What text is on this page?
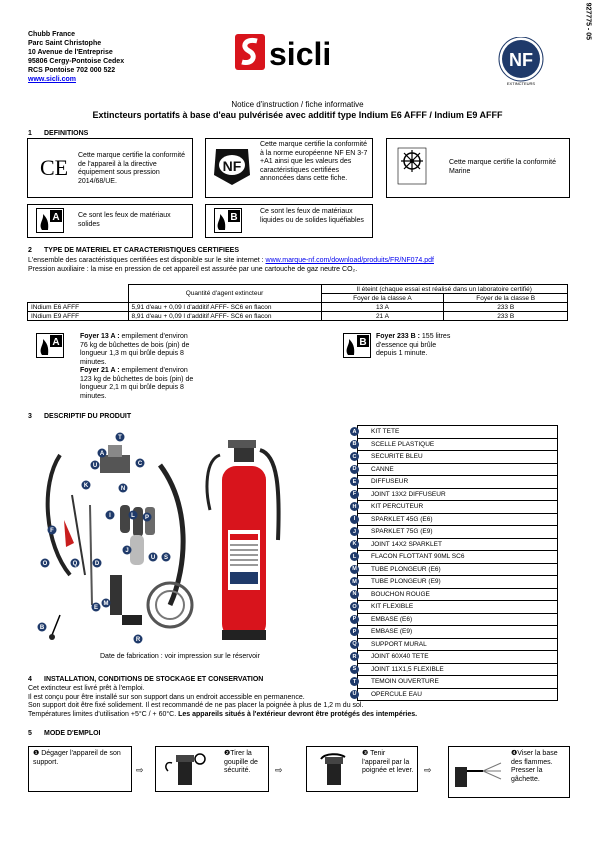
Chubb France
Parc Saint Christophe
10 Avenue de l'Entreprise
95806 Cergy-Pontoise Cedex
RCS Pontoise 702 000 522
www.sicli.com
sicli	NF
EXTINCTEURS
927775 - 05
Notice d'instruction / fiche informative
Extincteurs portatifs à base d'eau pulvérisée avec additif type Indium E6 AFFF / Indium E9 AFFF
1 DEFINITIONS
CE Cette marque certifie la conformité de l'appareil à la directive équipement sous pression 2014/68/UE.
NF
Cette marque certifie la conformité à la norme européenne NF EN 3-7 +A1 ainsi que les valeurs des caractéristiques certifiées annoncées dans cette fiche.
Cette marque certifie la conformité Marine
A	Ce sont les feux de matériaux solides
B
Ce sont les feux de matériaux liquides ou de solides liquéfiables
2 TYPE DE MATERIEL ET CARACTERISTIQUES CERTIFIEES
L'ensemble des caractéristiques certifiées est disponible sur le site internet : www.marque-nf.com/download/produits/FR/NF074.pdf
Pression auxiliaire : la mise en pression de cet appareil est assurée par une cartouche de gaz neutre CO₂.
	Quantité d'agent extincteur	Il éteint (chaque essai est réalisé dans un laboratoire certifié)	
		Foyer de la classe A	Foyer de la classe B
INdium E6 AFFF	5,91 d'eau + 0,09 l d'additif AFFF- SC6 en flacon	13 A	233 B
INdium E9 AFFF	8,91 d'eau + 0,09 l d'additif AFFF- SC6 en flacon	21 A	233 B
A
Foyer 13 A : empilement d'environ 76 kg de bûchettes de bois (pin) de longueur 1,3 m qui brûle depuis 8 minutes.
Foyer 21 A : empilement d'environ 123 kg de bûchettes de bois (pin) de longueur 2,1 m qui brûle depuis 8 minutes.
B
Foyer 233 B : 155 litres d'essence qui brûle depuis 1 minute.
3 DESCRIPTIF DU PRODUIT
A
T
U	C
K	N
I	L P
F
O	Q	D
J
U S
E
M
B
R
Date de fabrication : voir impression sur le réservoir
A	KIT TETE
B	SCELLE PLASTIQUE
C	SECURITE BLEU
D	CANNE
E	DIFFUSEUR
F	JOINT 13X2 DIFFUSEUR
H	KIT PERCUTEUR
I	SPARKLET 45G (E6)
J	SPARKLET 75G (E9)
K	JOINT 14X2 SPARKLET
L	FLACON FLOTTANT 90ML SC6
M	TUBE PLONGEUR (E6)
M	TUBE PLONGEUR (E9)
N	BOUCHON ROUGE
O	KIT FLEXIBLE
P	EMBASE (E6)
P	EMBASE (E9)
Q	SUPPORT MURAL
R	JOINT 60X40 TETE
S	JOINT 11X1,5 FLEXIBLE
T	TEMOIN OUVERTURE
U	OPERCULE EAU
4 INSTALLATION, CONDITIONS DE STOCKAGE ET CONSERVATION
Cet extincteur est livré prêt à l'emploi.
Il est conçu pour être installé sur son support dans un endroit accessible en permanence.
Son support doit être fixé solidement. Il est recommandé de ne pas placer la poignée à plus de 1,2 m du sol.
Températures limites d'utilisation +5°C / + 60°C. Les appareils situés à l'extérieur devront être protégés des intempéries.
5 MODE D'EMPLOI
❶ Dégager l'appareil de son support.
⇨
❷Tirer la goupille de sécurité.	⇨
❸ Tenir l'appareil par la poignée et lever. ⇨
❹Viser la base des flammes. Presser la gâchette.
